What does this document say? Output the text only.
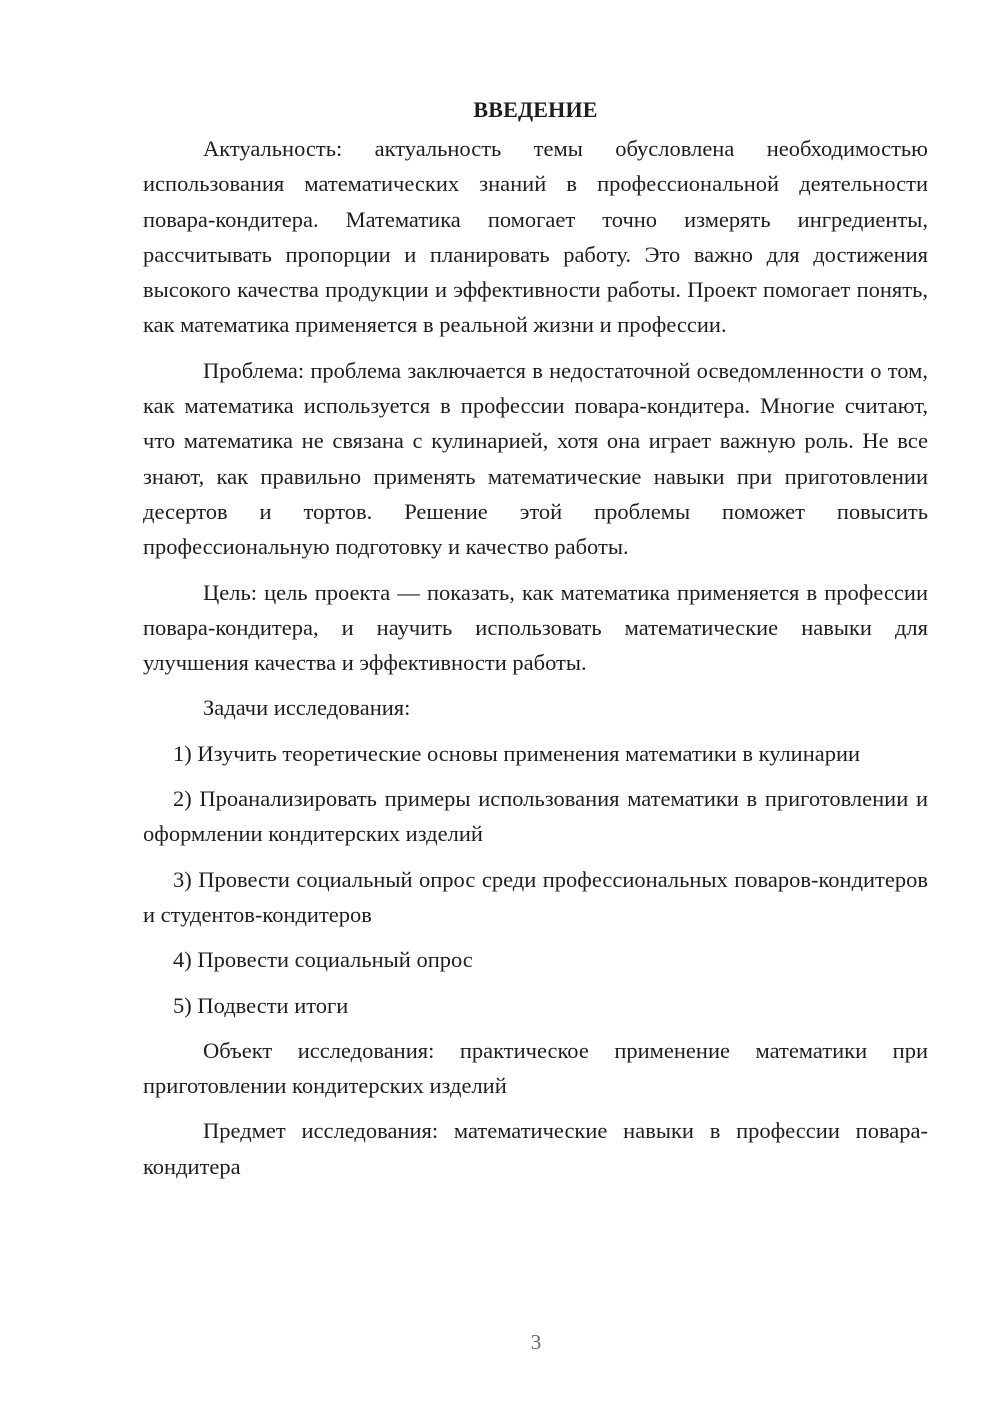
ВВЕДЕНИЕ

Актуальность: актуальность темы обусловлена необходимостью использования математических знаний в профессиональной деятельности повара-кондитера. Математика помогает точно измерять ингредиенты, рассчитывать пропорции и планировать работу. Это важно для достижения высокого качества продукции и эффективности работы. Проект помогает понять, как математика применяется в реальной жизни и профессии.

Проблема: проблема заключается в недостаточной осведомленности о том, как математика используется в профессии повара-кондитера. Многие считают, что математика не связана с кулинарией, хотя она играет важную роль. Не все знают, как правильно применять математические навыки при приготовлении десертов и тортов. Решение этой проблемы поможет повысить профессиональную подготовку и качество работы.

Цель: цель проекта — показать, как математика применяется в профессии повара-кондитера, и научить использовать математические навыки для улучшения качества и эффективности работы.

Задачи исследования:

1) Изучить теоретические основы применения математики в кулинарии

2) Проанализировать примеры использования математики в приготовлении и оформлении кондитерских изделий

3) Провести социальный опрос среди профессиональных поваров-кондитеров и студентов-кондитеров

4) Провести социальный опрос

5) Подвести итоги

Объект исследования: практическое применение математики при приготовлении кондитерских изделий

Предмет исследования: математические навыки в профессии повара-кондитера

3
